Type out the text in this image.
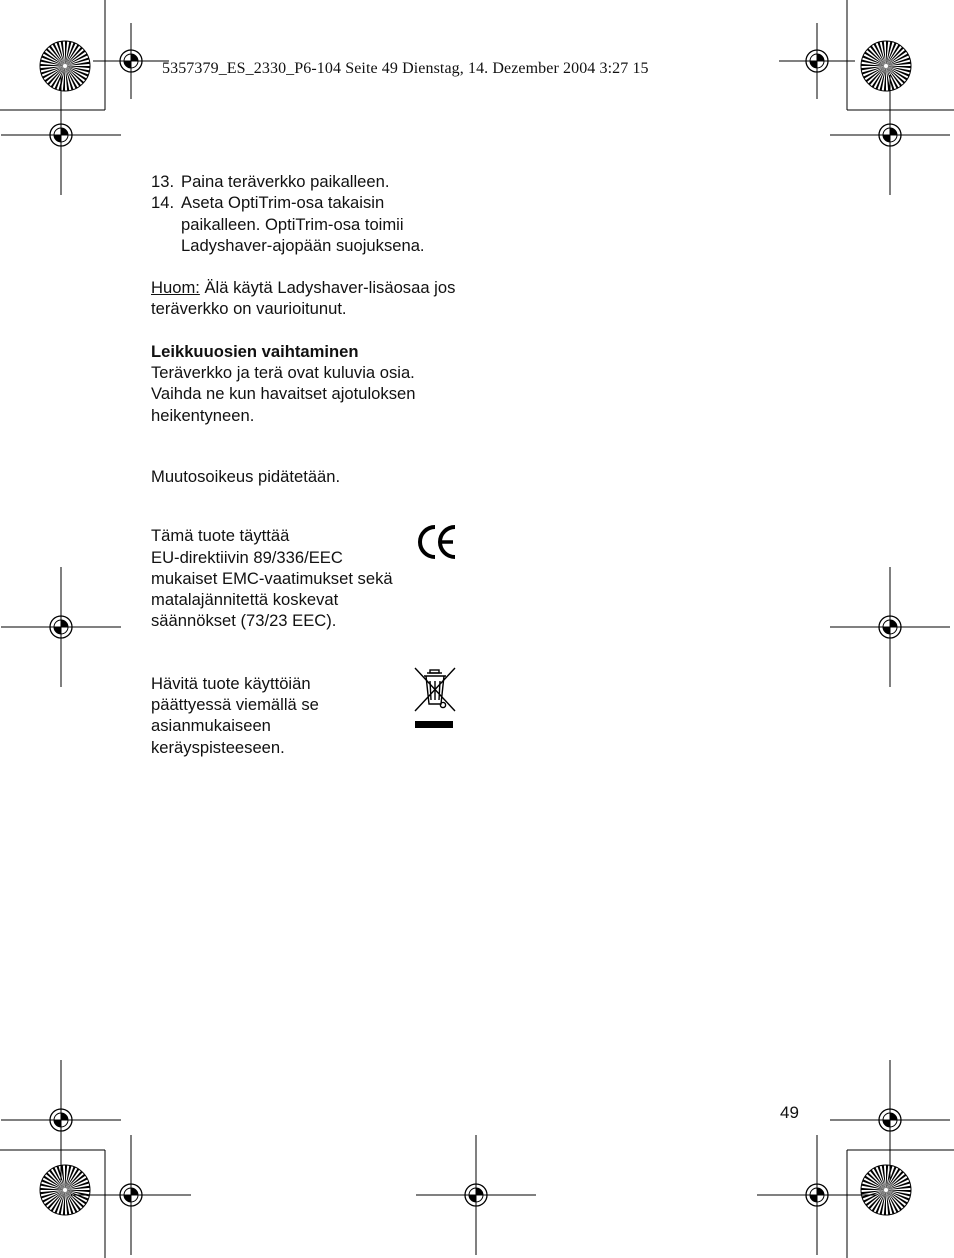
5357379_ES_2330_P6-104 Seite 49 Dienstag, 14. Dezember 2004 3:27 15
13. Paina teräverkko paikalleen.
14. Aseta OptiTrim-osa takaisin paikalleen. OptiTrim-osa toimii Ladyshaver-ajopään suojuksena.

Huom: Älä käytä Ladyshaver-lisäosaa jos teräverkko on vaurioitunut.

Leikkuuosien vaihtaminen

Teräverkko ja terä ovat kuluvia osia. Vaihda ne kun havaitset ajotuloksen heikentyneen.

Muutosoikeus pidätetään.

Tämä tuote täyttää

EU-direktiivin 89/336/EEC

mukaiset EMC-vaatimukset sekä

matalajännitettä koskevat

säännökset (73/23 EEC).

Hävitä tuote käyttöiän

päättyessä viemällä se

asianmukaiseen

keräyspisteeseen.

49
